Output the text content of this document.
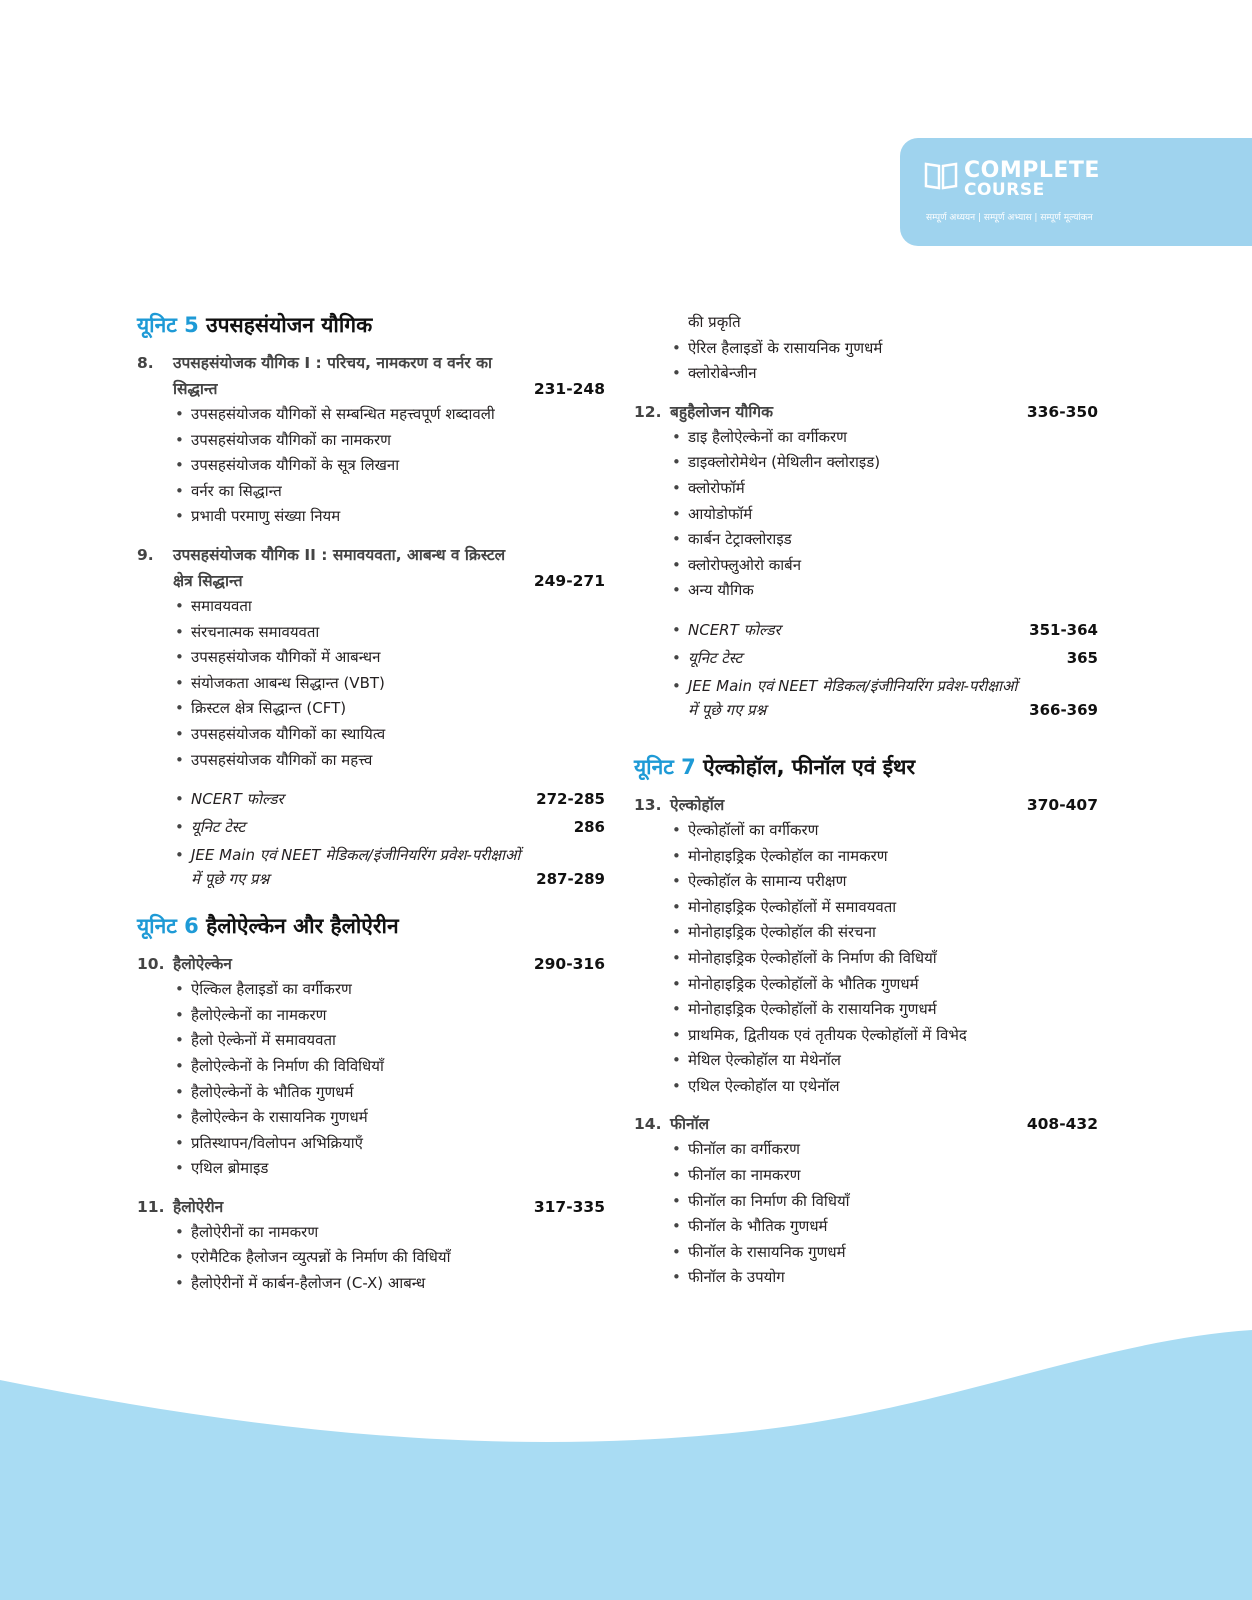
COMPLETE
COURSE
सम्पूर्ण अध्ययन | सम्पूर्ण अभ्यास | सम्पूर्ण मूल्यांकन
यूनिट 5 उपसहसंयोजन यौगिक
8.	उपसहसंयोजक यौगिक I : परिचय, नामकरण व वर्नर का सिद्धान्त	231-248
• उपसहसंयोजक यौगिकों से सम्बन्धित महत्त्वपूर्ण शब्दावली
• उपसहसंयोजक यौगिकों का नामकरण
• उपसहसंयोजक यौगिकों के सूत्र लिखना
• वर्नर का सिद्धान्त
• प्रभावी परमाणु संख्या नियम
9.	उपसहसंयोजक यौगिक II : समावयवता, आबन्ध व क्रिस्टल क्षेत्र सिद्धान्त	249-271
• समावयवता
• संरचनात्मक समावयवता
• उपसहसंयोजक यौगिकों में आबन्धन
• संयोजकता आबन्ध सिद्धान्त (VBT)
• क्रिस्टल क्षेत्र सिद्धान्त (CFT)
• उपसहसंयोजक यौगिकों का स्थायित्व
• उपसहसंयोजक यौगिकों का महत्त्व
• NCERT फोल्डर	272-285
• यूनिट टेस्ट	286
• JEE Main एवं NEET मेडिकल/इंजीनियरिंग प्रवेश-परीक्षाओं में पूछे गए प्रश्न	287-289
यूनिट 6 हैलोऐल्केन और हैलोऐरीन
10. हैलोऐल्केन	290-316
• ऐल्किल हैलाइडों का वर्गीकरण
• हैलोऐल्केनों का नामकरण
• हैलो ऐल्केनों में समावयवता
• हैलोऐल्केनों के निर्माण की विविधियाँ
• हैलोऐल्केनों के भौतिक गुणधर्म
• हैलोऐल्केन के रासायनिक गुणधर्म
• प्रतिस्थापन/विलोपन अभिक्रियाएँ
• एथिल ब्रोमाइड
11. हैलोऐरीन	317-335
• हैलोऐरीनों का नामकरण
• एरोमैटिक हैलोजन व्युत्पन्नों के निर्माण की विधियाँ
• हैलोऐरीनों में कार्बन-हैलोजन (C-X) आबन्ध
की प्रकृति
• ऐरिल हैलाइडों के रासायनिक गुणधर्म
• क्लोरोबेन्जीन
12. बहुहैलोजन यौगिक	336-350
• डाइ हैलोऐल्केनों का वर्गीकरण
• डाइक्लोरोमेथेन (मेथिलीन क्लोराइड)
• क्लोरोफॉर्म
• आयोडोफॉर्म
• कार्बन टेट्राक्लोराइड
• क्लोरोफ्लुओरो कार्बन
• अन्य यौगिक
• NCERT फोल्डर	351-364
• यूनिट टेस्ट	365
• JEE Main एवं NEET मेडिकल/इंजीनियरिंग प्रवेश-परीक्षाओं में पूछे गए प्रश्न	366-369
यूनिट 7 ऐल्कोहॉल, फीनॉल एवं ईथर
13. ऐल्कोहॉल	370-407
• ऐल्कोहॉलों का वर्गीकरण
• मोनोहाइड्रिक ऐल्कोहॉल का नामकरण
• ऐल्कोहॉल के सामान्य परीक्षण
• मोनोहाइड्रिक ऐल्कोहॉलों में समावयवता
• मोनोहाइड्रिक ऐल्कोहॉल की संरचना
• मोनोहाइड्रिक ऐल्कोहॉलों के निर्माण की विधियाँ
• मोनोहाइड्रिक ऐल्कोहॉलों के भौतिक गुणधर्म
• मोनोहाइड्रिक ऐल्कोहॉलों के रासायनिक गुणधर्म
• प्राथमिक, द्वितीयक एवं तृतीयक ऐल्कोहॉलों में विभेद
• मेथिल ऐल्कोहॉल या मेथेनॉल
• एथिल ऐल्कोहॉल या एथेनॉल
14. फीनॉल	408-432
• फीनॉल का वर्गीकरण
• फीनॉल का नामकरण
• फीनॉल का निर्माण की विधियाँ
• फीनॉल के भौतिक गुणधर्म
• फीनॉल के रासायनिक गुणधर्म
• फीनॉल के उपयोग
